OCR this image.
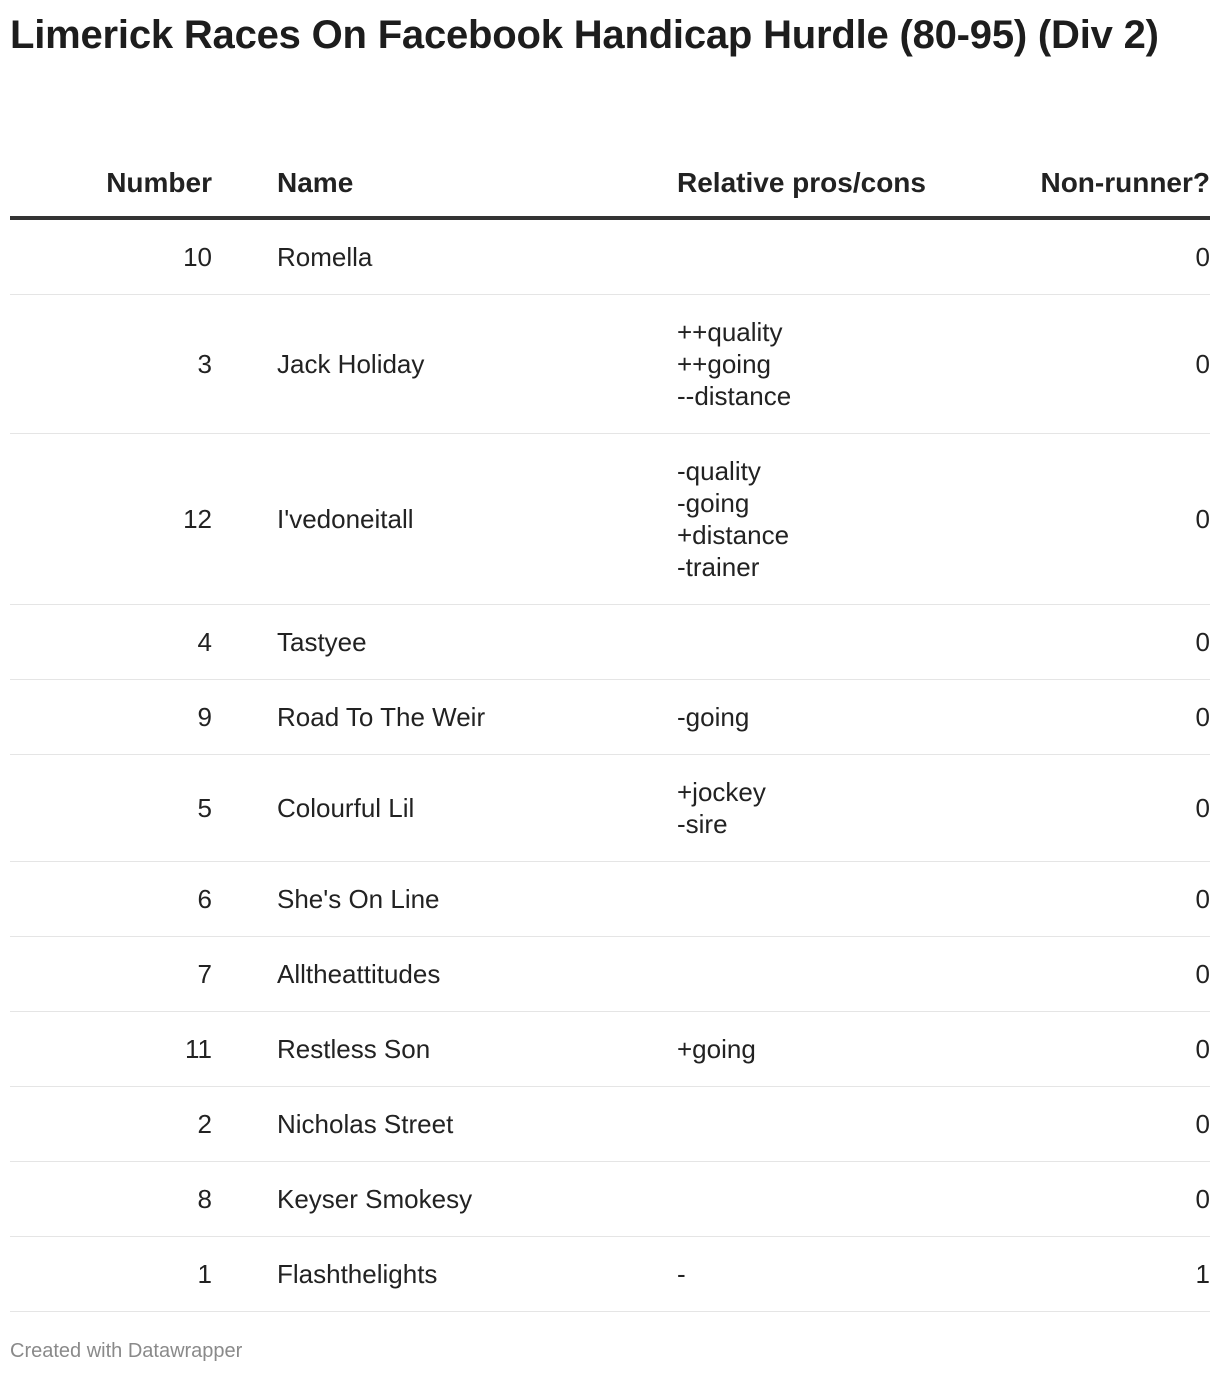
Limerick Races On Facebook Handicap Hurdle (80-95) (Div 2)
Number		Name	Relative pros/cons	Non-runner?
10		Romella		0
3		Jack Holiday	++quality
++going
--distance	0
12		I'vedoneitall	-quality
-going
+distance
-trainer	0
4		Tastyee		0
9		Road To The Weir	-going	0
5		Colourful Lil	+jockey
-sire	0
6		She's On Line		0
7		Alltheattitudes		0
11		Restless Son	+going	0
2		Nicholas Street		0
8		Keyser Smokesy		0
1		Flashthelights	-	1
Created with Datawrapper
